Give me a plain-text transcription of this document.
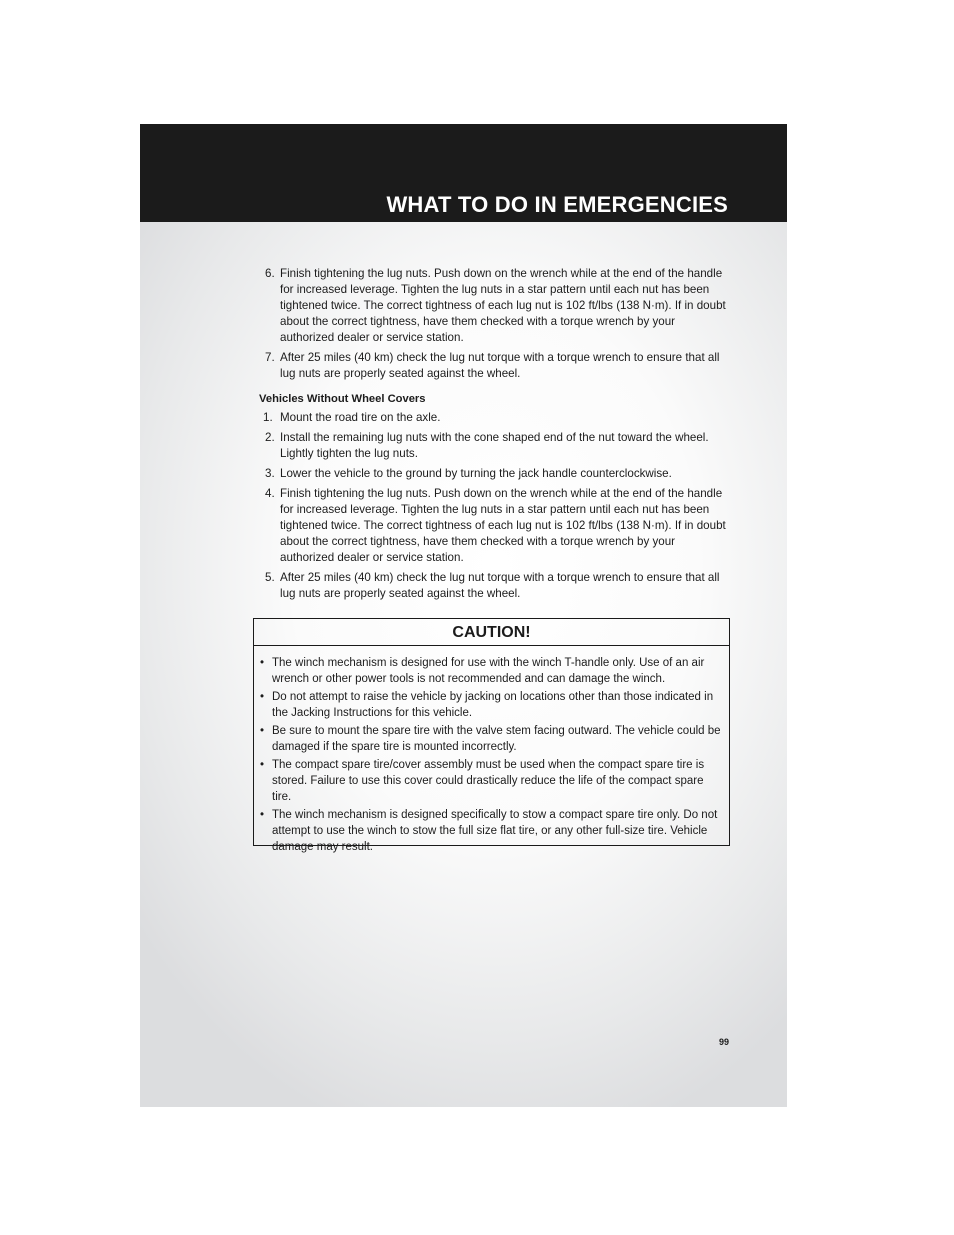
WHAT TO DO IN EMERGENCIES
6. Finish tightening the lug nuts. Push down on the wrench while at the end of the handle for increased leverage. Tighten the lug nuts in a star pattern until each nut has been tightened twice. The correct tightness of each lug nut is 102 ft/lbs (138 N·m). If in doubt about the correct tightness, have them checked with a torque wrench by your authorized dealer or service station.
7. After 25 miles (40 km) check the lug nut torque with a torque wrench to ensure that all lug nuts are properly seated against the wheel.
Vehicles Without Wheel Covers
1. Mount the road tire on the axle.
2. Install the remaining lug nuts with the cone shaped end of the nut toward the wheel. Lightly tighten the lug nuts.
3. Lower the vehicle to the ground by turning the jack handle counterclockwise.
4. Finish tightening the lug nuts. Push down on the wrench while at the end of the handle for increased leverage. Tighten the lug nuts in a star pattern until each nut has been tightened twice. The correct tightness of each lug nut is 102 ft/lbs (138 N·m). If in doubt about the correct tightness, have them checked with a torque wrench by your authorized dealer or service station.
5. After 25 miles (40 km) check the lug nut torque with a torque wrench to ensure that all lug nuts are properly seated against the wheel.
CAUTION!
• The winch mechanism is designed for use with the winch T-handle only. Use of an air wrench or other power tools is not recommended and can damage the winch.
• Do not attempt to raise the vehicle by jacking on locations other than those indicated in the Jacking Instructions for this vehicle.
• Be sure to mount the spare tire with the valve stem facing outward. The vehicle could be damaged if the spare tire is mounted incorrectly.
• The compact spare tire/cover assembly must be used when the compact spare tire is stored. Failure to use this cover could drastically reduce the life of the compact spare tire.
• The winch mechanism is designed specifically to stow a compact spare tire only. Do not attempt to use the winch to stow the full size flat tire, or any other full-size tire. Vehicle damage may result.
99
